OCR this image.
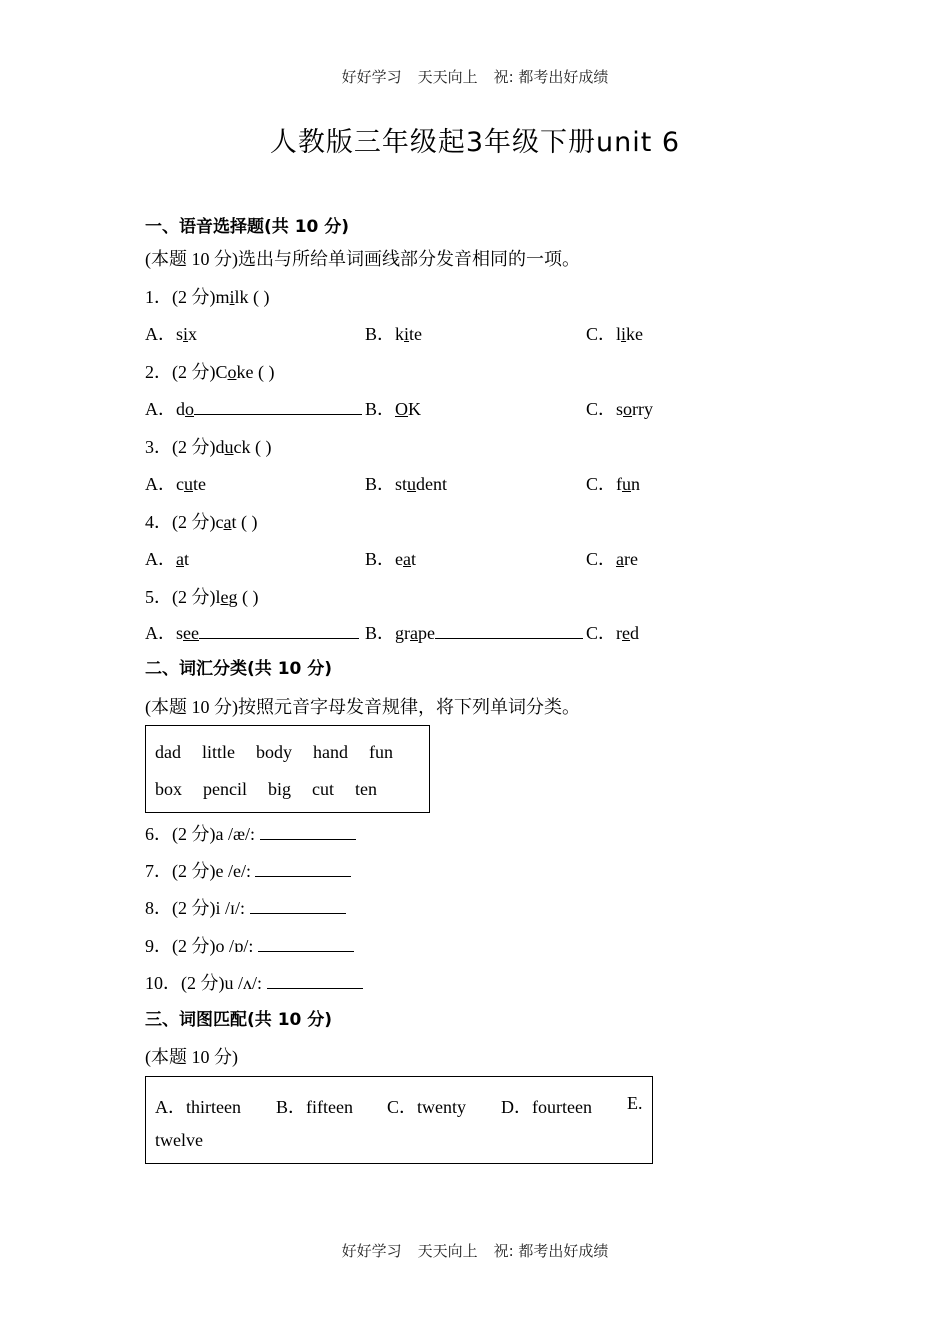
好好学习 天天向上 祝: 都考出好成绩
人教版三年级起3年级下册unit 6
一、语音选择题(共 10 分)
(本题 10 分)选出与所给单词画线部分发音相同的一项。
1．(2 分)milk ( )
A．six	B．kite	C．like
2．(2 分)Coke ( )
A．do	B．OK	C．sorry
3．(2 分)duck ( )
A．cute	B．student	C．fun
4．(2 分)cat ( )
A．at	B．eat	C．are
5．(2 分)leg ( )
A．see	B．grape	C．red
二、词汇分类(共 10 分)
(本题 10 分)按照元音字母发音规律，将下列单词分类。
dad little body hand fun
box pencil big cut ten
6．(2 分)a /æ/:
7．(2 分)e /e/:
8．(2 分)i /ɪ/:
9．(2 分)o /ɒ/:
10．(2 分)u /ʌ/:
三、词图匹配(共 10 分)
(本题 10 分)
A．thirteen B．fifteen C．twenty D．fourteen E.
twelve
好好学习 天天向上 祝: 都考出好成绩
